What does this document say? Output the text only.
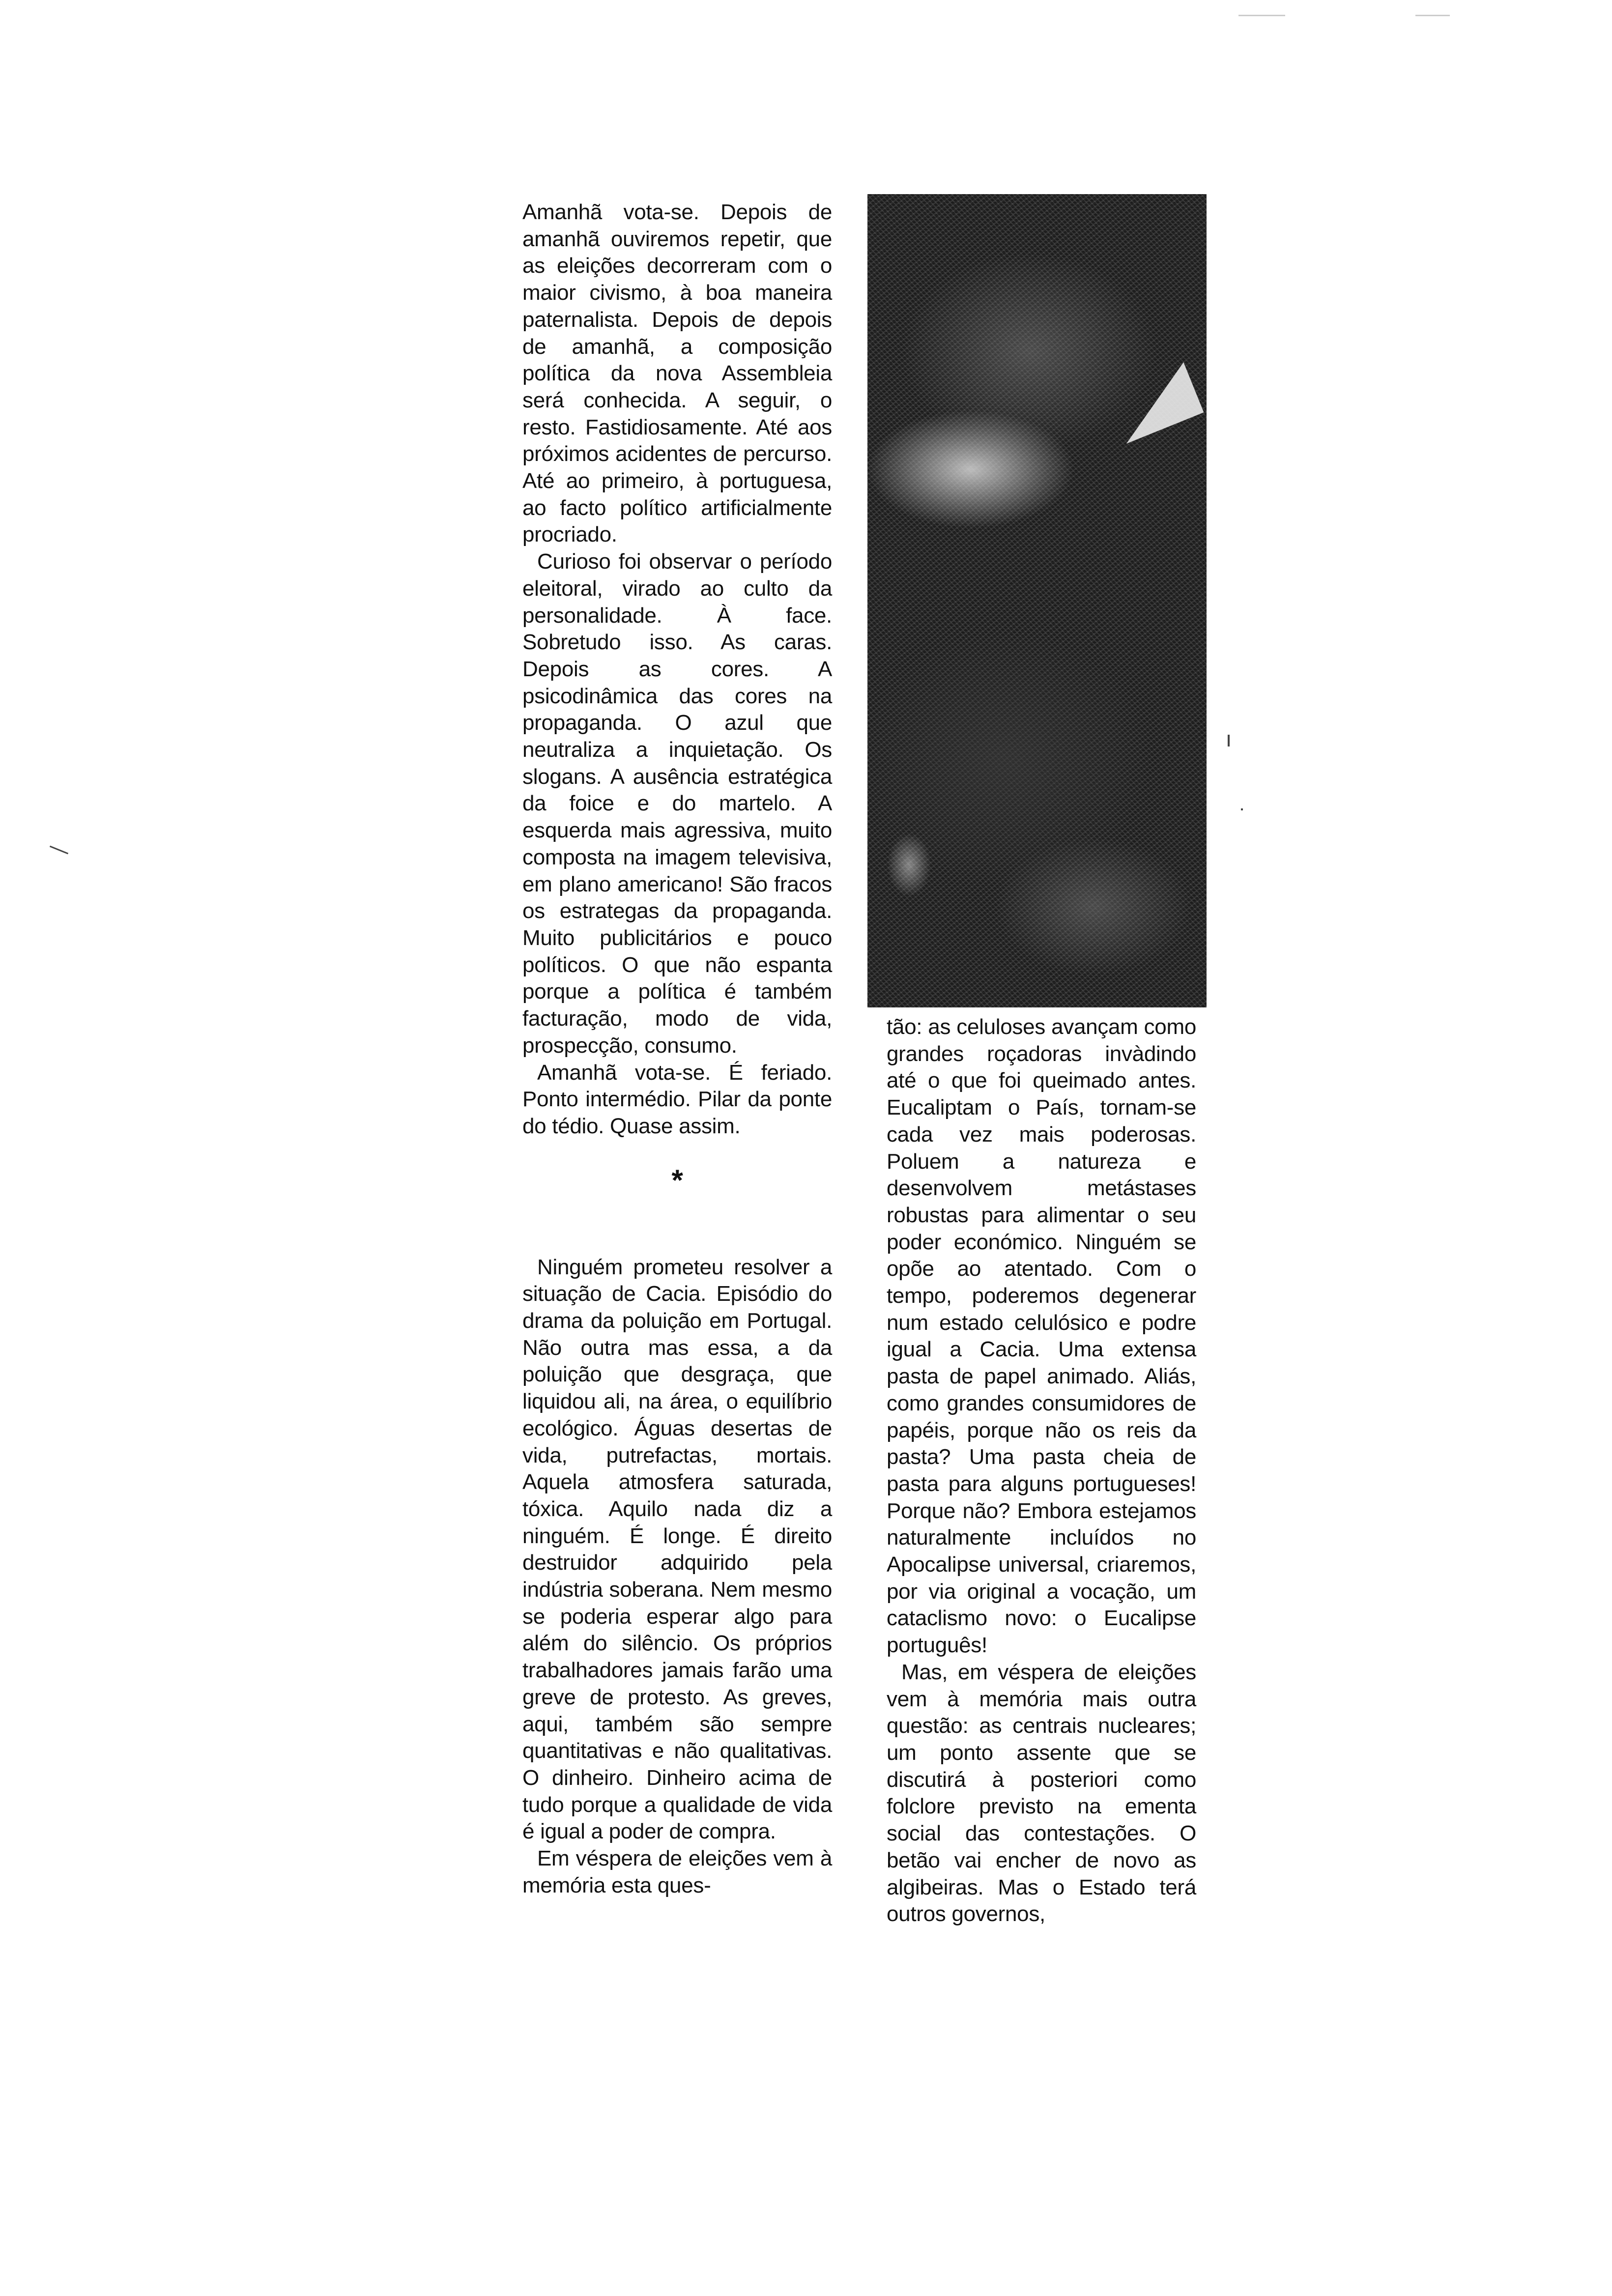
Amanhã vota-se. Depois de amanhã ouviremos repetir, que as eleições decorreram com o maior civismo, à boa maneira paternalista. Depois de depois de amanhã, a composição política da nova Assembleia será conhecida. A seguir, o resto. Fastidiosamente. Até aos próximos acidentes de percurso. Até ao primeiro, à portuguesa, ao facto político artificialmente procriado.

Curioso foi observar o período eleitoral, virado ao culto da personalidade. À face. Sobretudo isso. As caras. Depois as cores. A psicodinâmica das cores na propaganda. O azul que neutraliza a inquietação. Os slogans. A ausência estratégica da foice e do martelo. A esquerda mais agressiva, muito composta na imagem televisiva, em plano americano! São fracos os estrategas da propaganda. Muito publicitários e pouco políticos. O que não espanta porque a política é também facturação, modo de vida, prospecção, consumo.

Amanhã vota-se. É feriado. Ponto intermédio. Pilar da ponte do tédio. Quase assim.

*

Ninguém prometeu resolver a situação de Cacia. Episódio do drama da poluição em Portugal. Não outra mas essa, a da poluição que desgraça, que liquidou ali, na área, o equilíbrio ecológico. Águas desertas de vida, putrefactas, mortais. Aquela atmosfera saturada, tóxica. Aquilo nada diz a ninguém. É longe. É direito destruidor adquirido pela indústria soberana. Nem mesmo se poderia esperar algo para além do silêncio. Os próprios trabalhadores jamais farão uma greve de protesto. As greves, aqui, também são sempre quantitativas e não qualitativas. O dinheiro. Dinheiro acima de tudo porque a qualidade de vida é igual a poder de compra.

Em véspera de eleições vem à memória esta ques-

tão: as celuloses avançam como grandes roçadoras invàdindo até o que foi queimado antes. Eucaliptam o País, tornam-se cada vez mais poderosas. Poluem a natureza e desenvolvem metástases robustas para alimentar o seu poder económico. Ninguém se opõe ao atentado. Com o tempo, poderemos degenerar num estado celulósico e podre igual a Cacia. Uma extensa pasta de papel animado. Aliás, como grandes consumidores de papéis, porque não os reis da pasta? Uma pasta cheia de pasta para alguns portugueses! Porque não? Embora estejamos naturalmente incluídos no Apocalipse universal, criaremos, por via original a vocação, um cataclismo novo: o Eucalipse português!

Mas, em véspera de eleições vem à memória mais outra questão: as centrais nucleares; um ponto assente que se discutirá à posteriori como folclore previsto na ementa social das contestações. O betão vai encher de novo as algibeiras. Mas o Estado terá outros governos,
